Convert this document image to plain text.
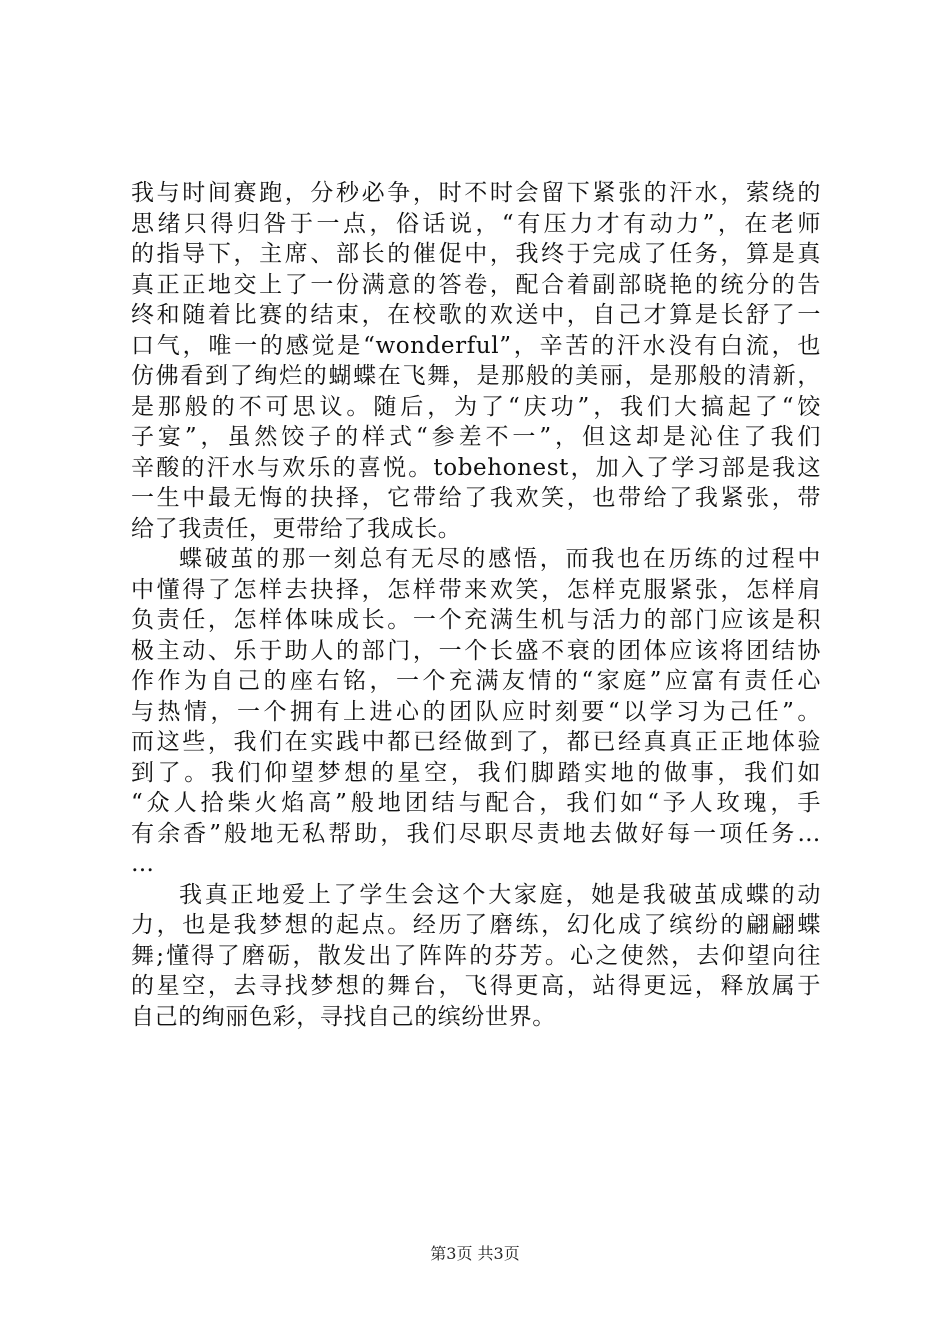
我与时间赛跑，分秒必争，时不时会留下紧张的汗水，萦绕的
思绪只得归咎于一点，俗话说，“有压力才有动力”，在老师
的指导下，主席、部长的催促中，我终于完成了任务，算是真
真正正地交上了一份满意的答卷，配合着副部晓艳的统分的告
终和随着比赛的结束，在校歌的欢送中，自己才算是长舒了一
口气，唯一的感觉是“wonderful”，辛苦的汗水没有白流，也
仿佛看到了绚烂的蝴蝶在飞舞，是那般的美丽，是那般的清新，
是那般的不可思议。随后，为了“庆功”，我们大搞起了“饺
子宴”，虽然饺子的样式“参差不一”，但这却是沁住了我们
辛酸的汗水与欢乐的喜悦。tobehonest，加入了学习部是我这
一生中最无悔的抉择，它带给了我欢笑，也带给了我紧张，带
给了我责任，更带给了我成长。
蝶破茧的那一刻总有无尽的感悟，而我也在历练的过程中
中懂得了怎样去抉择，怎样带来欢笑，怎样克服紧张，怎样肩
负责任，怎样体味成长。一个充满生机与活力的部门应该是积
极主动、乐于助人的部门，一个长盛不衰的团体应该将团结协
作作为自己的座右铭，一个充满友情的“家庭”应富有责任心
与热情，一个拥有上进心的团队应时刻要“以学习为己任”。
而这些，我们在实践中都已经做到了，都已经真真正正地体验
到了。我们仰望梦想的星空，我们脚踏实地的做事，我们如
“众人拾柴火焰高”般地团结与配合，我们如“予人玫瑰，手
有余香”般地无私帮助，我们尽职尽责地去做好每一项任务…
…
我真正地爱上了学生会这个大家庭，她是我破茧成蝶的动
力，也是我梦想的起点。经历了磨练，幻化成了缤纷的翩翩蝶
舞;懂得了磨砺，散发出了阵阵的芬芳。心之使然，去仰望向往
的星空，去寻找梦想的舞台，飞得更高，站得更远，释放属于
自己的绚丽色彩，寻找自己的缤纷世界。
第3页 共3页
